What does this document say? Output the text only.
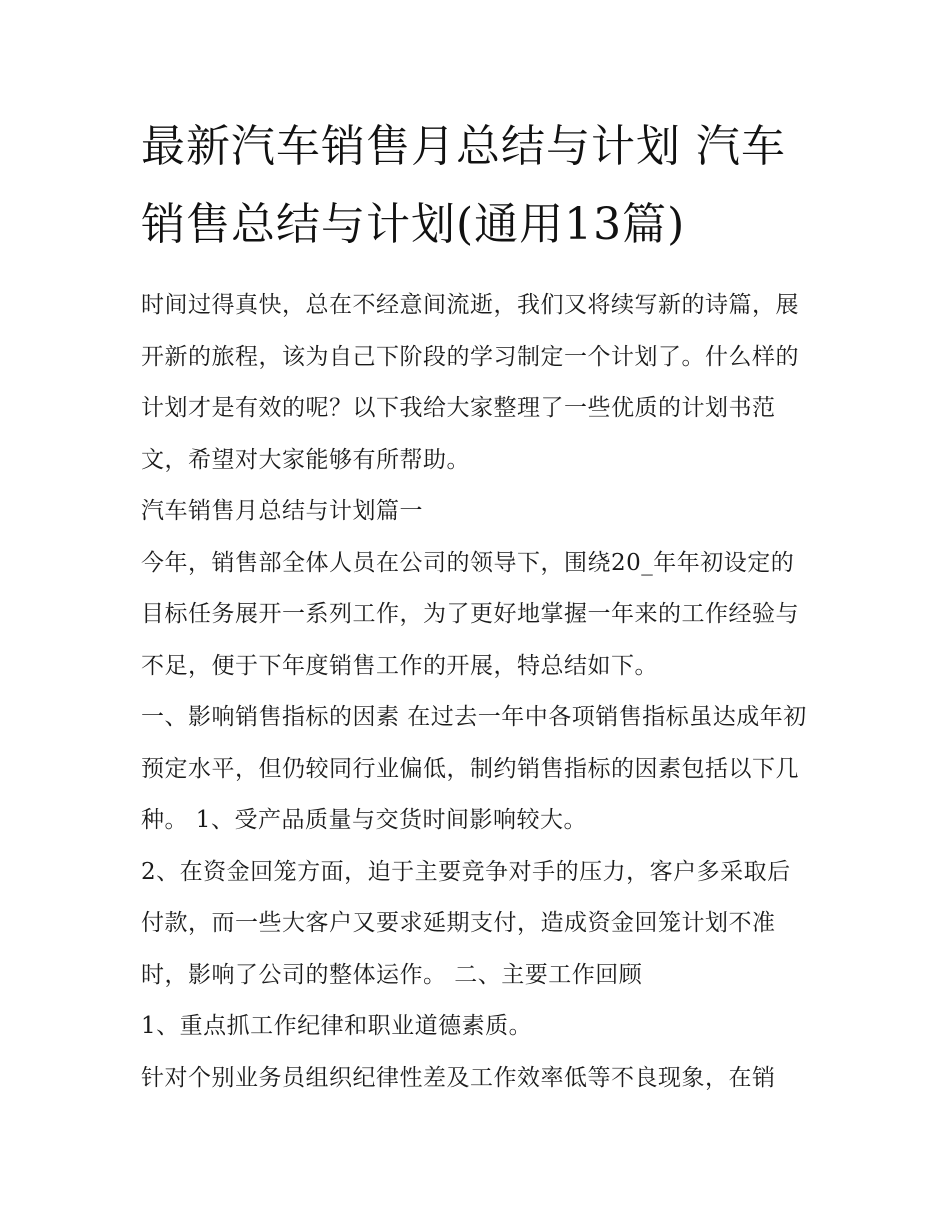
最新汽车销售月总结与计划 汽车销售总结与计划(通用13篇)

时间过得真快，总在不经意间流逝，我们又将续写新的诗篇，展开新的旅程，该为自己下阶段的学习制定一个计划了。什么样的计划才是有效的呢？以下我给大家整理了一些优质的计划书范文，希望对大家能够有所帮助。

汽车销售月总结与计划篇一

今年，销售部全体人员在公司的领导下，围绕20_年年初设定的目标任务展开一系列工作，为了更好地掌握一年来的工作经验与不足，便于下年度销售工作的开展，特总结如下。

一、影响销售指标的因素 在过去一年中各项销售指标虽达成年初预定水平，但仍较同行业偏低，制约销售指标的因素包括以下几种。 1、受产品质量与交货时间影响较大。

2、在资金回笼方面，迫于主要竞争对手的压力，客户多采取后付款，而一些大客户又要求延期支付，造成资金回笼计划不准时，影响了公司的整体运作。 二、主要工作回顾

1、重点抓工作纪律和职业道德素质。

针对个别业务员组织纪律性差及工作效率低等不良现象，在销
